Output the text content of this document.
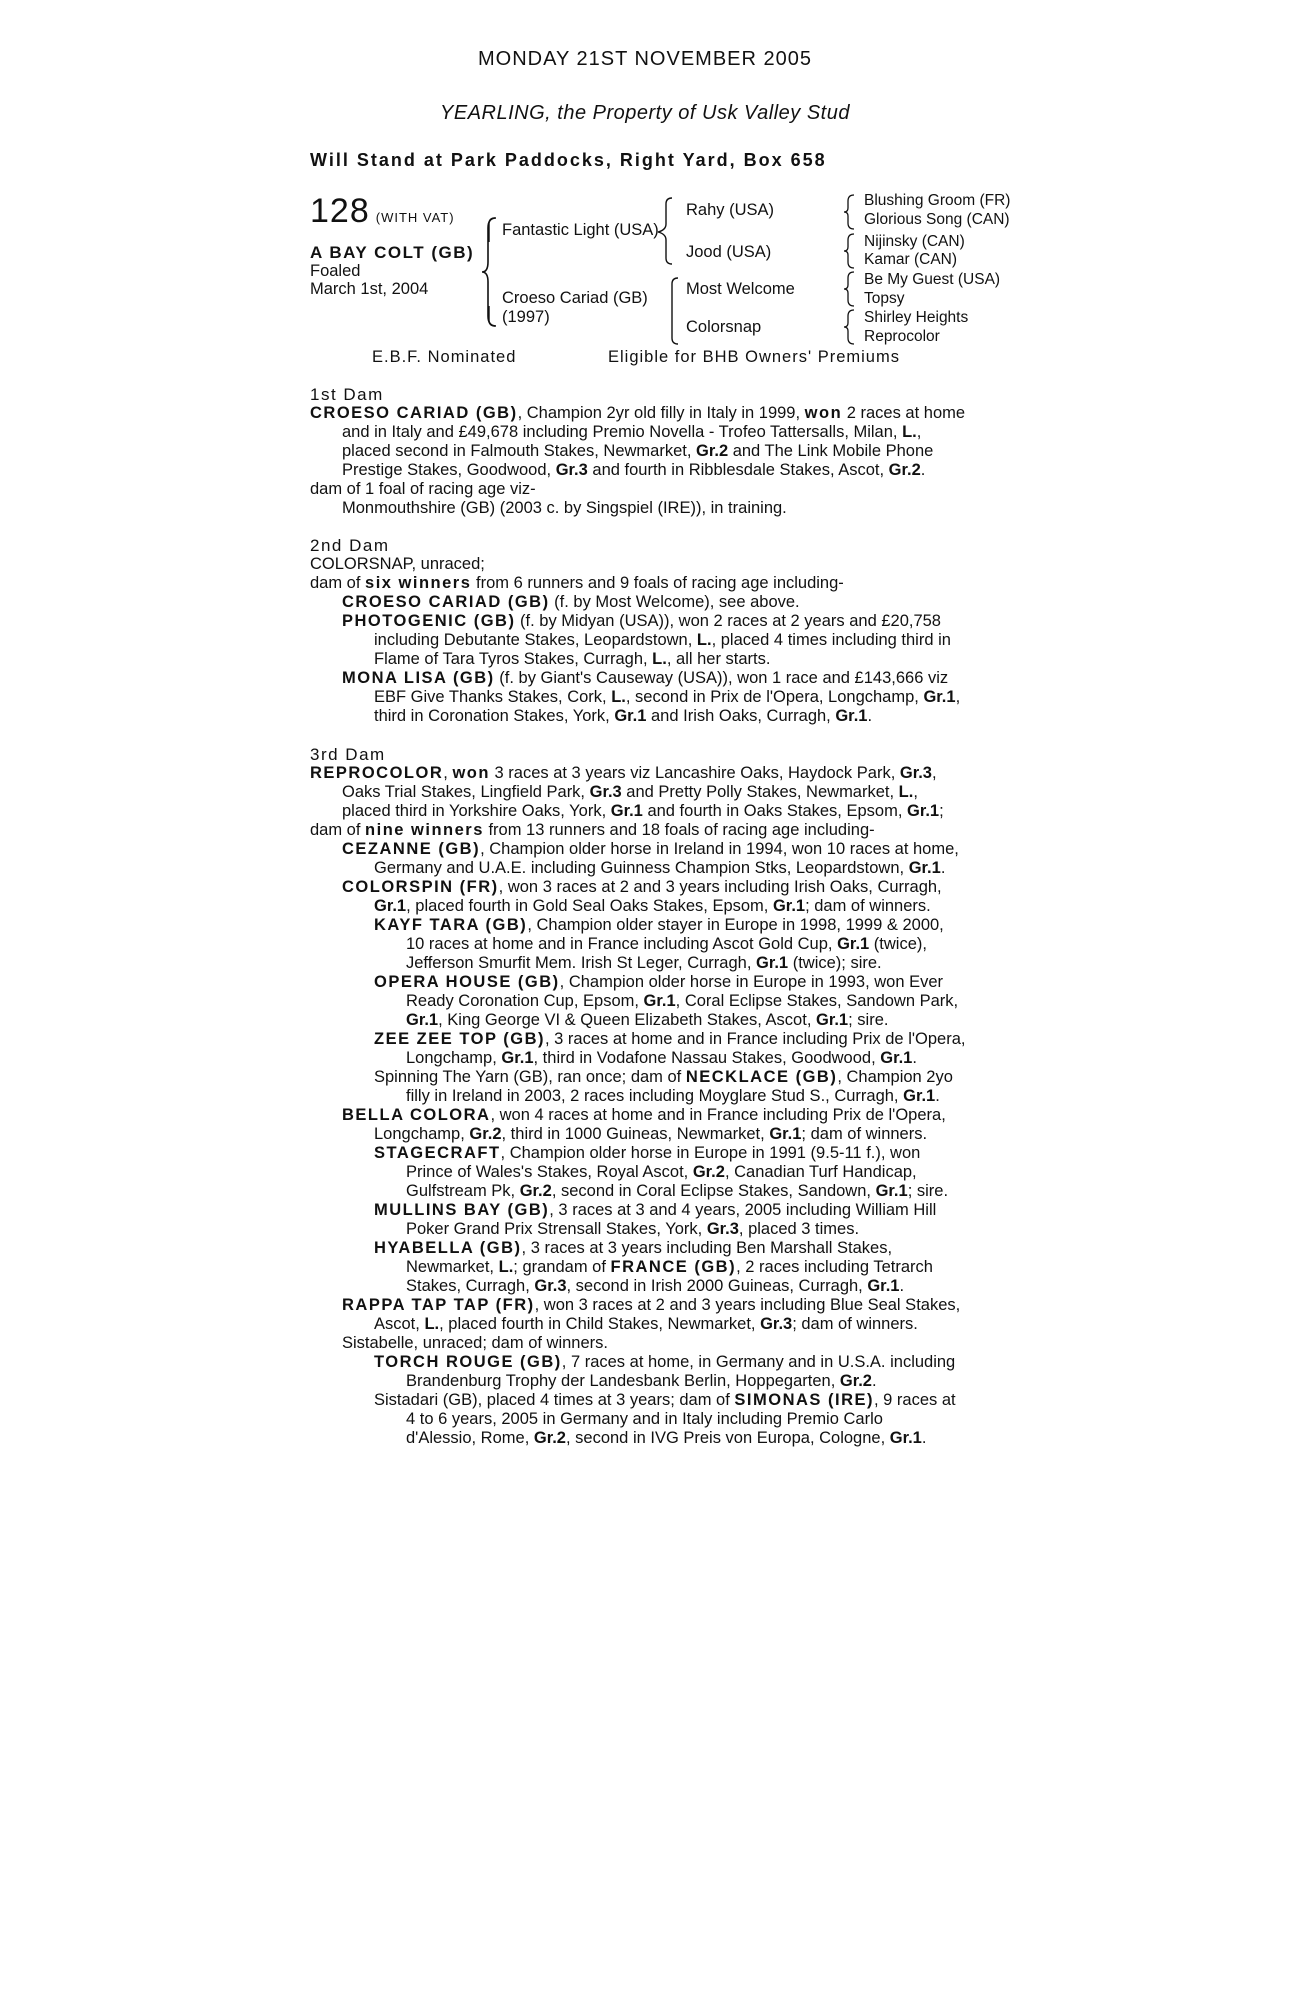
MONDAY 21ST NOVEMBER 2005
YEARLING, the Property of Usk Valley Stud
Will Stand at Park Paddocks, Right Yard, Box 658
128 (WITH VAT)
A BAY COLT (GB)
Foaled
March 1st, 2004
Fantastic Light (USA)
Croeso Cariad (GB)
(1997)
Rahy (USA)
Jood (USA)
Most Welcome
Colorsnap
Blushing Groom (FR)
Glorious Song (CAN)
Nijinsky (CAN)
Kamar (CAN)
Be My Guest (USA)
Topsy
Shirley Heights
Reprocolor
E.B.F. Nominated	Eligible for BHB Owners' Premiums
1st Dam
CROESO CARIAD (GB), Champion 2yr old filly in Italy in 1999, won 2 races at home
and in Italy and £49,678 including Premio Novella - Trofeo Tattersalls, Milan, L.,
placed second in Falmouth Stakes, Newmarket, Gr.2 and The Link Mobile Phone
Prestige Stakes, Goodwood, Gr.3 and fourth in Ribblesdale Stakes, Ascot, Gr.2.
dam of 1 foal of racing age viz-
Monmouthshire (GB) (2003 c. by Singspiel (IRE)), in training.
2nd Dam
COLORSNAP, unraced;
dam of six winners from 6 runners and 9 foals of racing age including-
CROESO CARIAD (GB) (f. by Most Welcome), see above.
PHOTOGENIC (GB) (f. by Midyan (USA)), won 2 races at 2 years and £20,758
including Debutante Stakes, Leopardstown, L., placed 4 times including third in
Flame of Tara Tyros Stakes, Curragh, L., all her starts.
MONA LISA (GB) (f. by Giant's Causeway (USA)), won 1 race and £143,666 viz
EBF Give Thanks Stakes, Cork, L., second in Prix de l'Opera, Longchamp, Gr.1,
third in Coronation Stakes, York, Gr.1 and Irish Oaks, Curragh, Gr.1.
3rd Dam
REPROCOLOR, won 3 races at 3 years viz Lancashire Oaks, Haydock Park, Gr.3,
Oaks Trial Stakes, Lingfield Park, Gr.3 and Pretty Polly Stakes, Newmarket, L.,
placed third in Yorkshire Oaks, York, Gr.1 and fourth in Oaks Stakes, Epsom, Gr.1;
dam of nine winners from 13 runners and 18 foals of racing age including-
CEZANNE (GB), Champion older horse in Ireland in 1994, won 10 races at home,
Germany and U.A.E. including Guinness Champion Stks, Leopardstown, Gr.1.
COLORSPIN (FR), won 3 races at 2 and 3 years including Irish Oaks, Curragh,
Gr.1, placed fourth in Gold Seal Oaks Stakes, Epsom, Gr.1; dam of winners.
KAYF TARA (GB), Champion older stayer in Europe in 1998, 1999 & 2000,
10 races at home and in France including Ascot Gold Cup, Gr.1 (twice),
Jefferson Smurfit Mem. Irish St Leger, Curragh, Gr.1 (twice); sire.
OPERA HOUSE (GB), Champion older horse in Europe in 1993, won Ever
Ready Coronation Cup, Epsom, Gr.1, Coral Eclipse Stakes, Sandown Park,
Gr.1, King George VI & Queen Elizabeth Stakes, Ascot, Gr.1; sire.
ZEE ZEE TOP (GB), 3 races at home and in France including Prix de l'Opera,
Longchamp, Gr.1, third in Vodafone Nassau Stakes, Goodwood, Gr.1.
Spinning The Yarn (GB), ran once; dam of NECKLACE (GB), Champion 2yo
filly in Ireland in 2003, 2 races including Moyglare Stud S., Curragh, Gr.1.
BELLA COLORA, won 4 races at home and in France including Prix de l'Opera,
Longchamp, Gr.2, third in 1000 Guineas, Newmarket, Gr.1; dam of winners.
STAGECRAFT, Champion older horse in Europe in 1991 (9.5-11 f.), won
Prince of Wales's Stakes, Royal Ascot, Gr.2, Canadian Turf Handicap,
Gulfstream Pk, Gr.2, second in Coral Eclipse Stakes, Sandown, Gr.1; sire.
MULLINS BAY (GB), 3 races at 3 and 4 years, 2005 including William Hill
Poker Grand Prix Strensall Stakes, York, Gr.3, placed 3 times.
HYABELLA (GB), 3 races at 3 years including Ben Marshall Stakes,
Newmarket, L.; grandam of FRANCE (GB), 2 races including Tetrarch
Stakes, Curragh, Gr.3, second in Irish 2000 Guineas, Curragh, Gr.1.
RAPPA TAP TAP (FR), won 3 races at 2 and 3 years including Blue Seal Stakes,
Ascot, L., placed fourth in Child Stakes, Newmarket, Gr.3; dam of winners.
Sistabelle, unraced; dam of winners.
TORCH ROUGE (GB), 7 races at home, in Germany and in U.S.A. including
Brandenburg Trophy der Landesbank Berlin, Hoppegarten, Gr.2.
Sistadari (GB), placed 4 times at 3 years; dam of SIMONAS (IRE), 9 races at
4 to 6 years, 2005 in Germany and in Italy including Premio Carlo
d'Alessio, Rome, Gr.2, second in IVG Preis von Europa, Cologne, Gr.1.
